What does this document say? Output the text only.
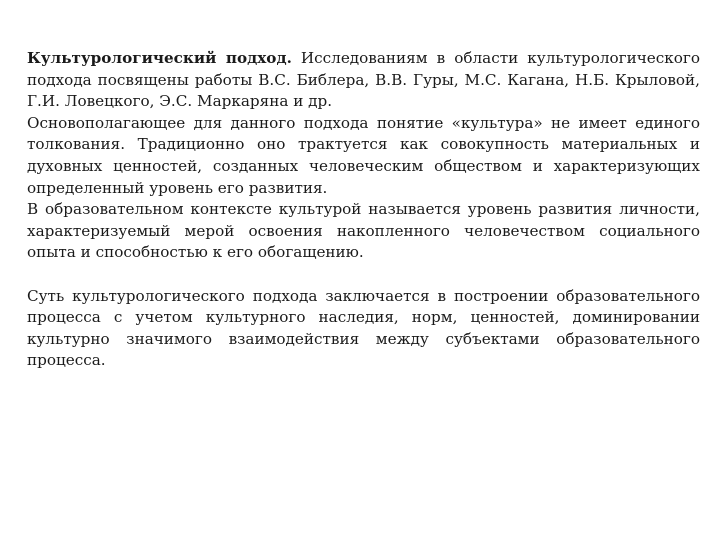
Культурологический подход. Исследованиям в области культурологического подхода посвящены работы В.С. Библера, В.В. Гуры, М.С. Кагана, Н.Б. Крыловой, Г.И. Ловецкого, Э.С. Маркаряна и др.

Основополагающее для данного подхода понятие «культура» не имеет единого толкования. Традиционно оно трактуется как совокупность материальных и духовных ценностей, созданных человеческим обществом и характеризующих определенный уровень его развития.

В образовательном контексте культурой называется уровень развития личности, характеризуемый мерой освоения накопленного человечеством социального опыта и способностью к его обогащению.

Суть культурологического подхода заключается в построении образовательного процесса с учетом культурного наследия, норм, ценностей, доминировании культурно значимого взаимодействия между субъектами образовательного процесса.
